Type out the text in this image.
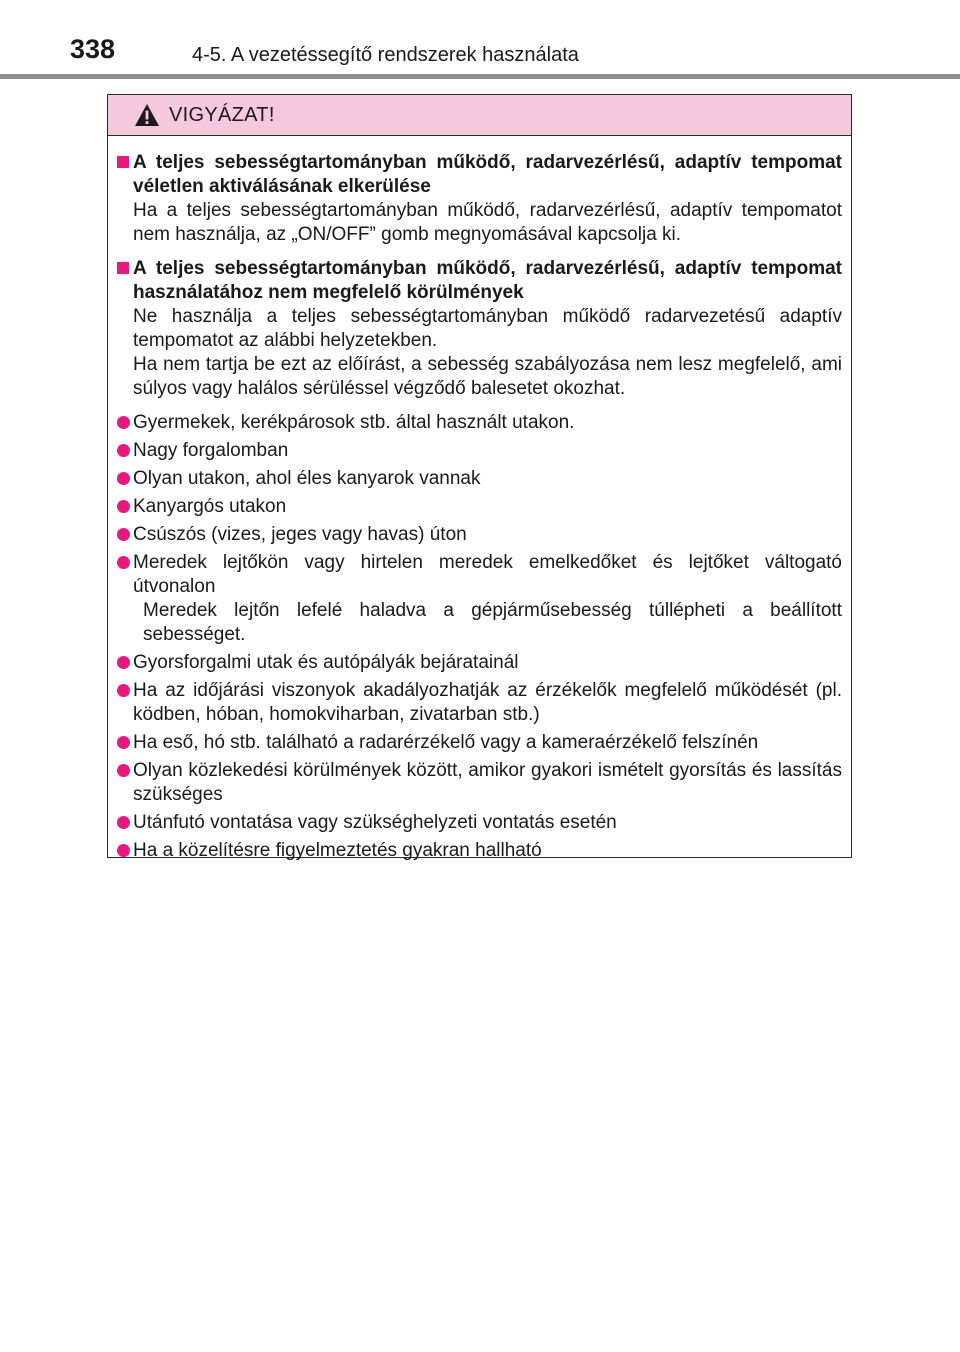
338	4-5. A vezetéssegítő rendszerek használata
VIGYÁZAT!
A teljes sebességtartományban működő, radarvezérlésű, adaptív tempomat véletlen aktiválásának elkerülése
Ha a teljes sebességtartományban működő, radarvezérlésű, adaptív tempomatot nem használja, az „ON/OFF” gomb megnyomásával kapcsolja ki.
A teljes sebességtartományban működő, radarvezérlésű, adaptív tempomat használatához nem megfelelő körülmények
Ne használja a teljes sebességtartományban működő radarvezetésű adaptív tempomatot az alábbi helyzetekben.
Ha nem tartja be ezt az előírást, a sebesség szabályozása nem lesz megfelelő, ami súlyos vagy halálos sérüléssel végződő balesetet okozhat.
Gyermekek, kerékpárosok stb. által használt utakon.
Nagy forgalomban
Olyan utakon, ahol éles kanyarok vannak
Kanyargós utakon
Csúszós (vizes, jeges vagy havas) úton
Meredek lejtőkön vagy hirtelen meredek emelkedőket és lejtőket váltogató útvonalon
Meredek lejtőn lefelé haladva a gépjárműsebesség túllépheti a beállított sebességet.
Gyorsforgalmi utak és autópályák bejáratainál
Ha az időjárási viszonyok akadályozhatják az érzékelők megfelelő működését (pl. ködben, hóban, homokviharban, zivatarban stb.)
Ha eső, hó stb. található a radarérzékelő vagy a kameraérzékelő felszínén
Olyan közlekedési körülmények között, amikor gyakori ismételt gyorsítás és lassítás szükséges
Utánfutó vontatása vagy szükséghelyzeti vontatás esetén
Ha a közelítésre figyelmeztetés gyakran hallható
